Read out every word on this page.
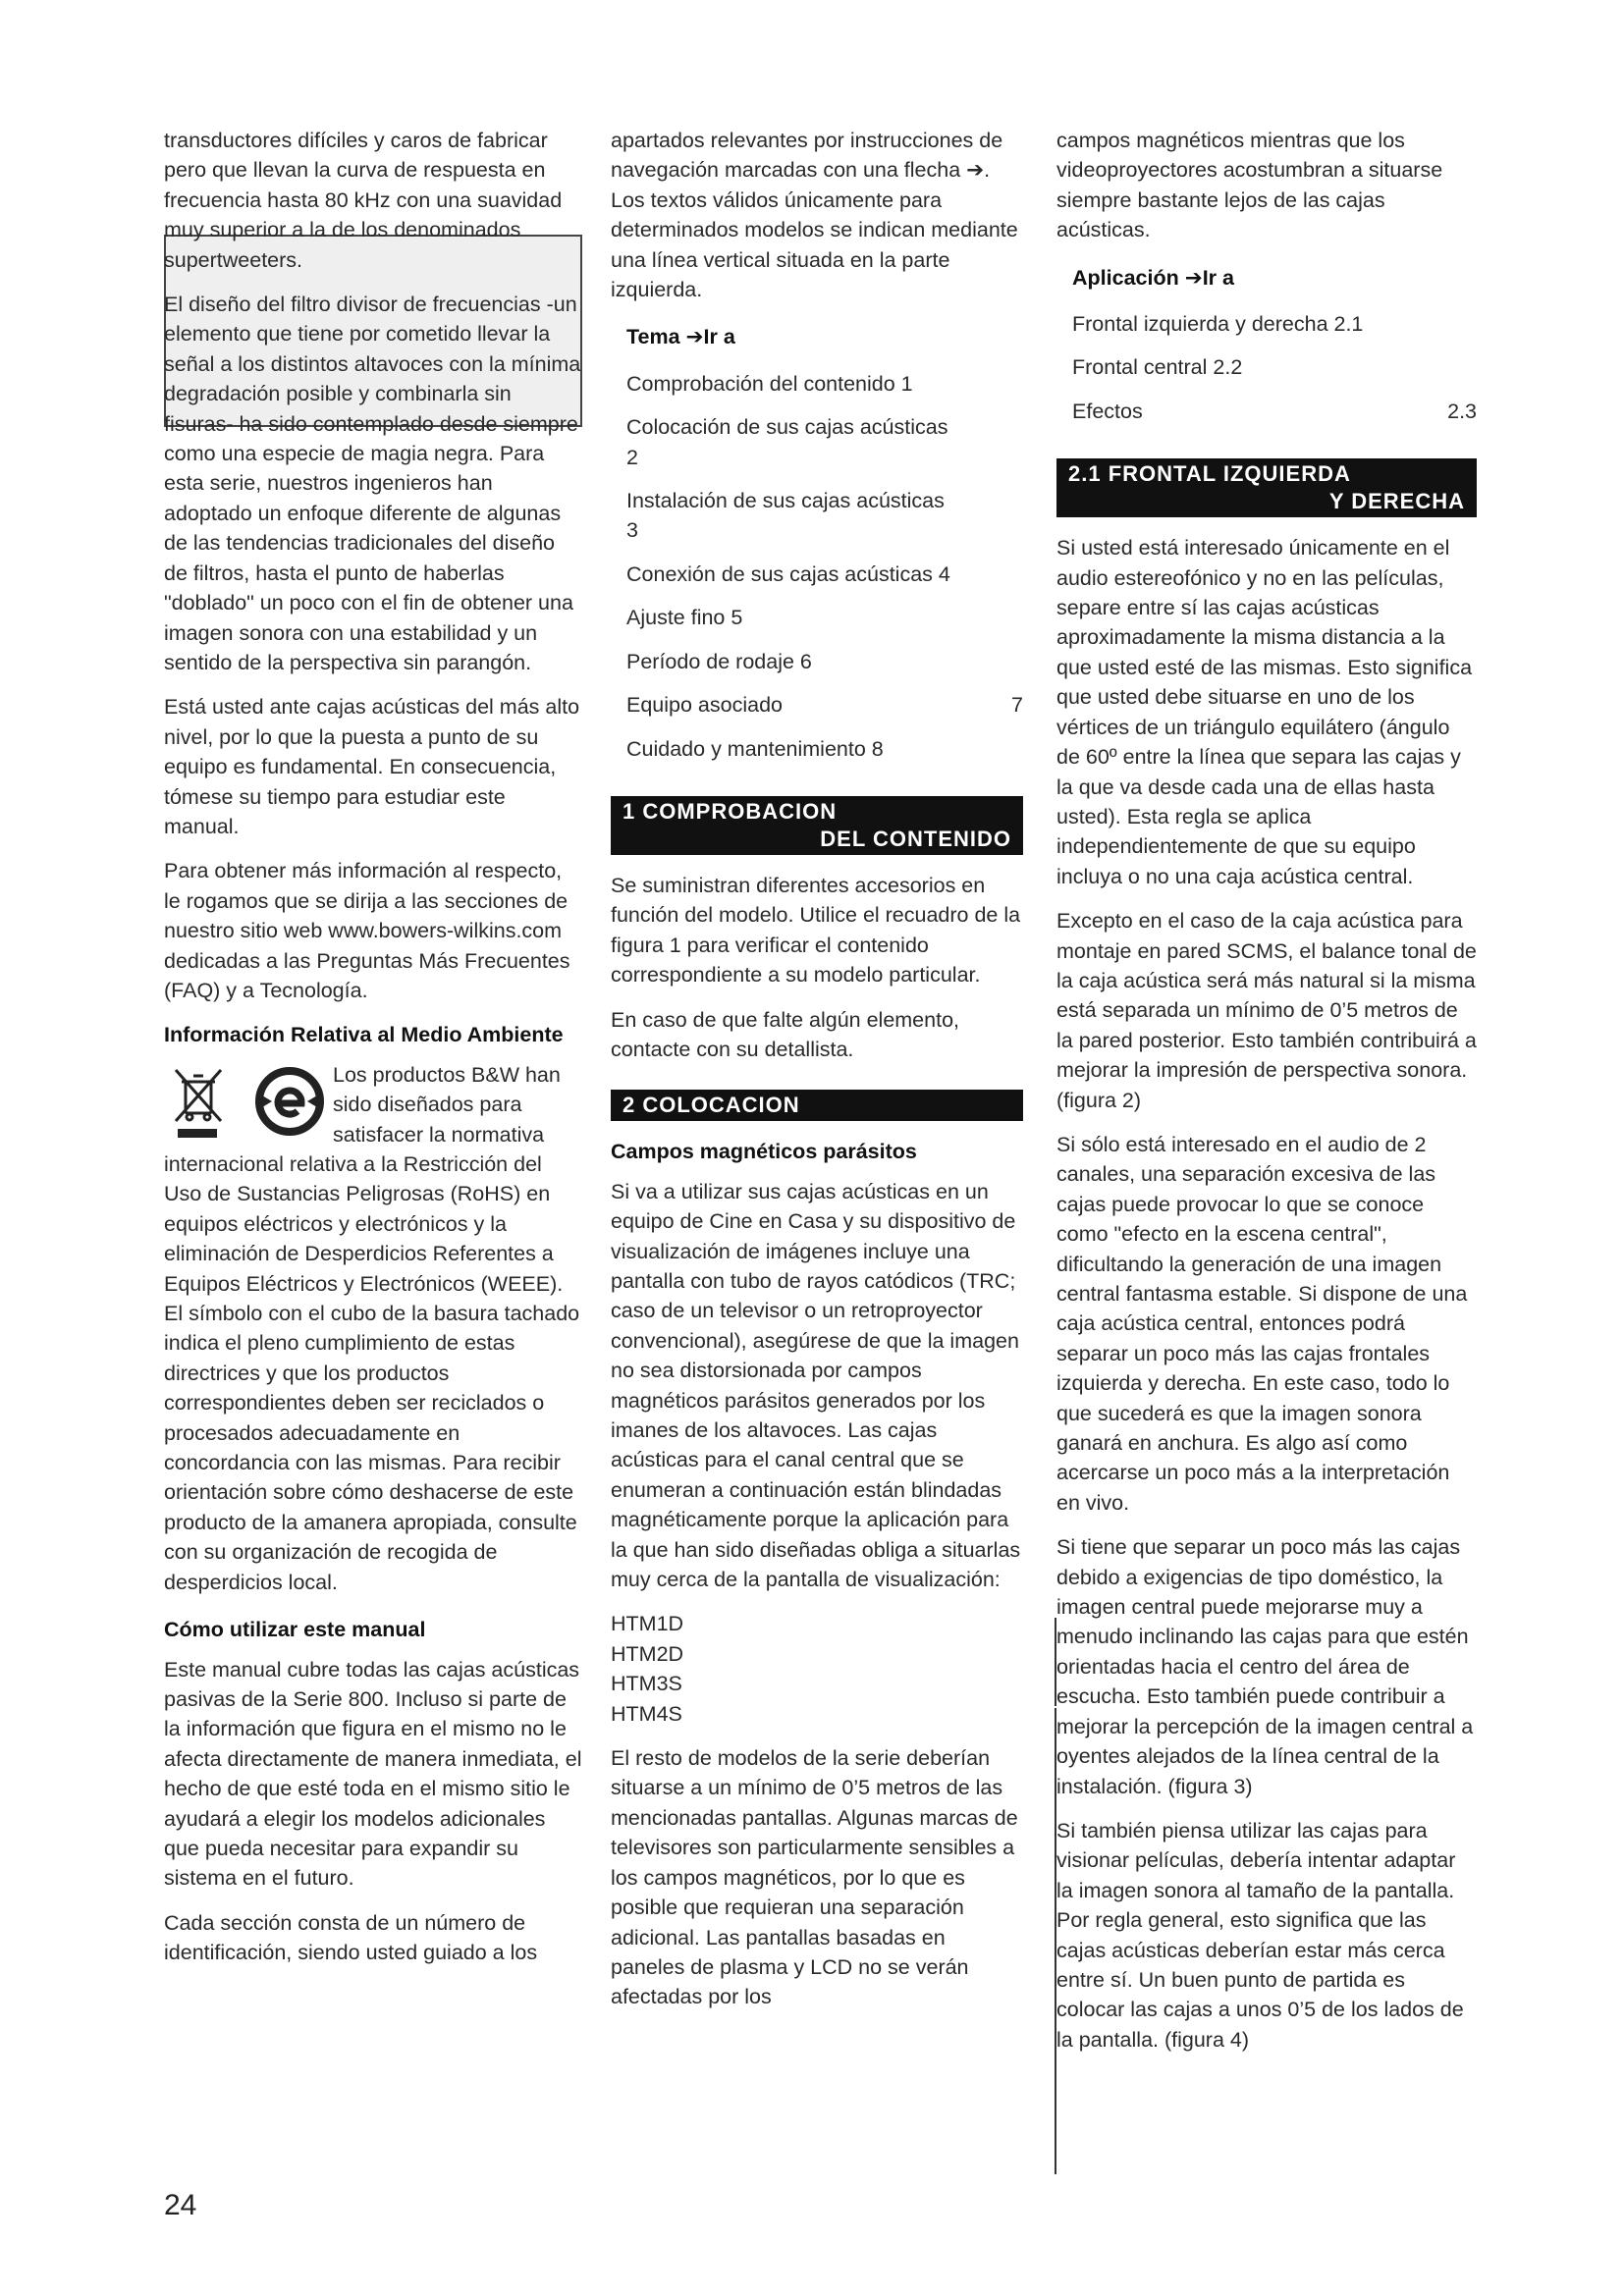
transductores difíciles y caros de fabricar pero que llevan la curva de respuesta en frecuencia hasta 80 kHz con una suavidad muy superior a la de los denominados supertweeters.

El diseño del filtro divisor de frecuencias -un elemento que tiene por cometido llevar la señal a los distintos altavoces con la mínima degradación posible y combinarla sin fisuras- ha sido contemplado desde siempre como una especie de magia negra. Para esta serie, nuestros ingenieros han adoptado un enfoque diferente de algunas de las tendencias tradicionales del diseño de filtros, hasta el punto de haberlas "doblado" un poco con el fin de obtener una imagen sonora con una estabilidad y un sentido de la perspectiva sin parangón.

Está usted ante cajas acústicas del más alto nivel, por lo que la puesta a punto de su equipo es fundamental. En consecuencia, tómese su tiempo para estudiar este manual.

Para obtener más información al respecto, le rogamos que se dirija a las secciones de nuestro sitio web www.bowers-wilkins.com dedicadas a las Preguntas Más Frecuentes (FAQ) y a Tecnología.

Información Relativa al Medio Ambiente
Los productos B&W han sido diseñados para satisfacer la normativa

internacional relativa a la Restricción del Uso de Sustancias Peligrosas (RoHS) en equipos eléctricos y electrónicos y la eliminación de Desperdicios Referentes a Equipos Eléctricos y Electrónicos (WEEE). El símbolo con el cubo de la basura tachado indica el pleno cumplimiento de estas directrices y que los productos correspondientes deben ser reciclados o procesados adecuadamente en concordancia con las mismas. Para recibir orientación sobre cómo deshacerse de este producto de la amanera apropiada, consulte con su organización de recogida de desperdicios local.

Cómo utilizar este manual

Este manual cubre todas las cajas acústicas pasivas de la Serie 800. Incluso si parte de la información que figura en el mismo no le afecta directamente de manera inmediata, el hecho de que esté toda en el mismo sitio le ayudará a elegir los modelos adicionales que pueda necesitar para expandir su sistema en el futuro.

Cada sección consta de un número de identificación, siendo usted guiado a los

apartados relevantes por instrucciones de navegación marcadas con una flecha ➔. Los textos válidos únicamente para determinados modelos se indican mediante una línea vertical situada en la parte izquierda.

Tema ➔Ir a
Comprobación del contenido 1
Colocación de sus cajas acústicas 2
Instalación de sus cajas acústicas 3
Conexión de sus cajas acústicas 4
Ajuste fino 5
Período de rodaje 6
Equipo asociado	7
Cuidado y mantenimiento 8
1 COMPROBACION
DEL CONTENIDO

Se suministran diferentes accesorios en función del modelo. Utilice el recuadro de la figura 1 para verificar el contenido correspondiente a su modelo particular.

En caso de que falte algún elemento, contacte con su detallista.

2 COLOCACION
Campos magnéticos parásitos

Si va a utilizar sus cajas acústicas en un equipo de Cine en Casa y su dispositivo de visualización de imágenes incluye una pantalla con tubo de rayos catódicos (TRC; caso de un televisor o un retroproyector convencional), asegúrese de que la imagen no sea distorsionada por campos magnéticos parásitos generados por los imanes de los altavoces. Las cajas acústicas para el canal central que se enumeran a continuación están blindadas magnéticamente porque la aplicación para la que han sido diseñadas obliga a situarlas muy cerca de la pantalla de visualización:

HTM1D
HTM2D
HTM3S
HTM4S

El resto de modelos de la serie deberían situarse a un mínimo de 0’5 metros de las mencionadas pantallas. Algunas marcas de televisores son particularmente sensibles a los campos magnéticos, por lo que es posible que requieran una separación adicional. Las pantallas basadas en paneles de plasma y LCD no se verán afectadas por los

campos magnéticos mientras que los videoproyectores acostumbran a situarse siempre bastante lejos de las cajas acústicas.

Aplicación ➔Ir a
Frontal izquierda y derecha 2.1
Frontal central 2.2
Efectos	2.3
2.1 FRONTAL IZQUIERDA
Y DERECHA

Si usted está interesado únicamente en el audio estereofónico y no en las películas, separe entre sí las cajas acústicas aproximadamente la misma distancia a la que usted esté de las mismas. Esto significa que usted debe situarse en uno de los vértices de un triángulo equilátero (ángulo de 60º entre la línea que separa las cajas y la que va desde cada una de ellas hasta usted). Esta regla se aplica independientemente de que su equipo incluya o no una caja acústica central.

Excepto en el caso de la caja acústica para montaje en pared SCMS, el balance tonal de la caja acústica será más natural si la misma está separada un mínimo de 0’5 metros de la pared posterior. Esto también contribuirá a mejorar la impresión de perspectiva sonora. (figura 2)

Si sólo está interesado en el audio de 2 canales, una separación excesiva de las cajas puede provocar lo que se conoce como "efecto en la escena central", dificultando la generación de una imagen central fantasma estable. Si dispone de una caja acústica central, entonces podrá separar un poco más las cajas frontales izquierda y derecha. En este caso, todo lo que sucederá es que la imagen sonora ganará en anchura. Es algo así como acercarse un poco más a la interpretación en vivo.

Si tiene que separar un poco más las cajas debido a exigencias de tipo doméstico, la imagen central puede mejorarse muy a menudo inclinando las cajas para que estén orientadas hacia el centro del área de escucha. Esto también puede contribuir a mejorar la percepción de la imagen central a oyentes alejados de la línea central de la instalación. (figura 3)

Si también piensa utilizar las cajas para visionar películas, debería intentar adaptar la imagen sonora al tamaño de la pantalla. Por regla general, esto significa que las cajas acústicas deberían estar más cerca entre sí. Un buen punto de partida es colocar las cajas a unos 0’5 de los lados de la pantalla. (figura 4)

24
